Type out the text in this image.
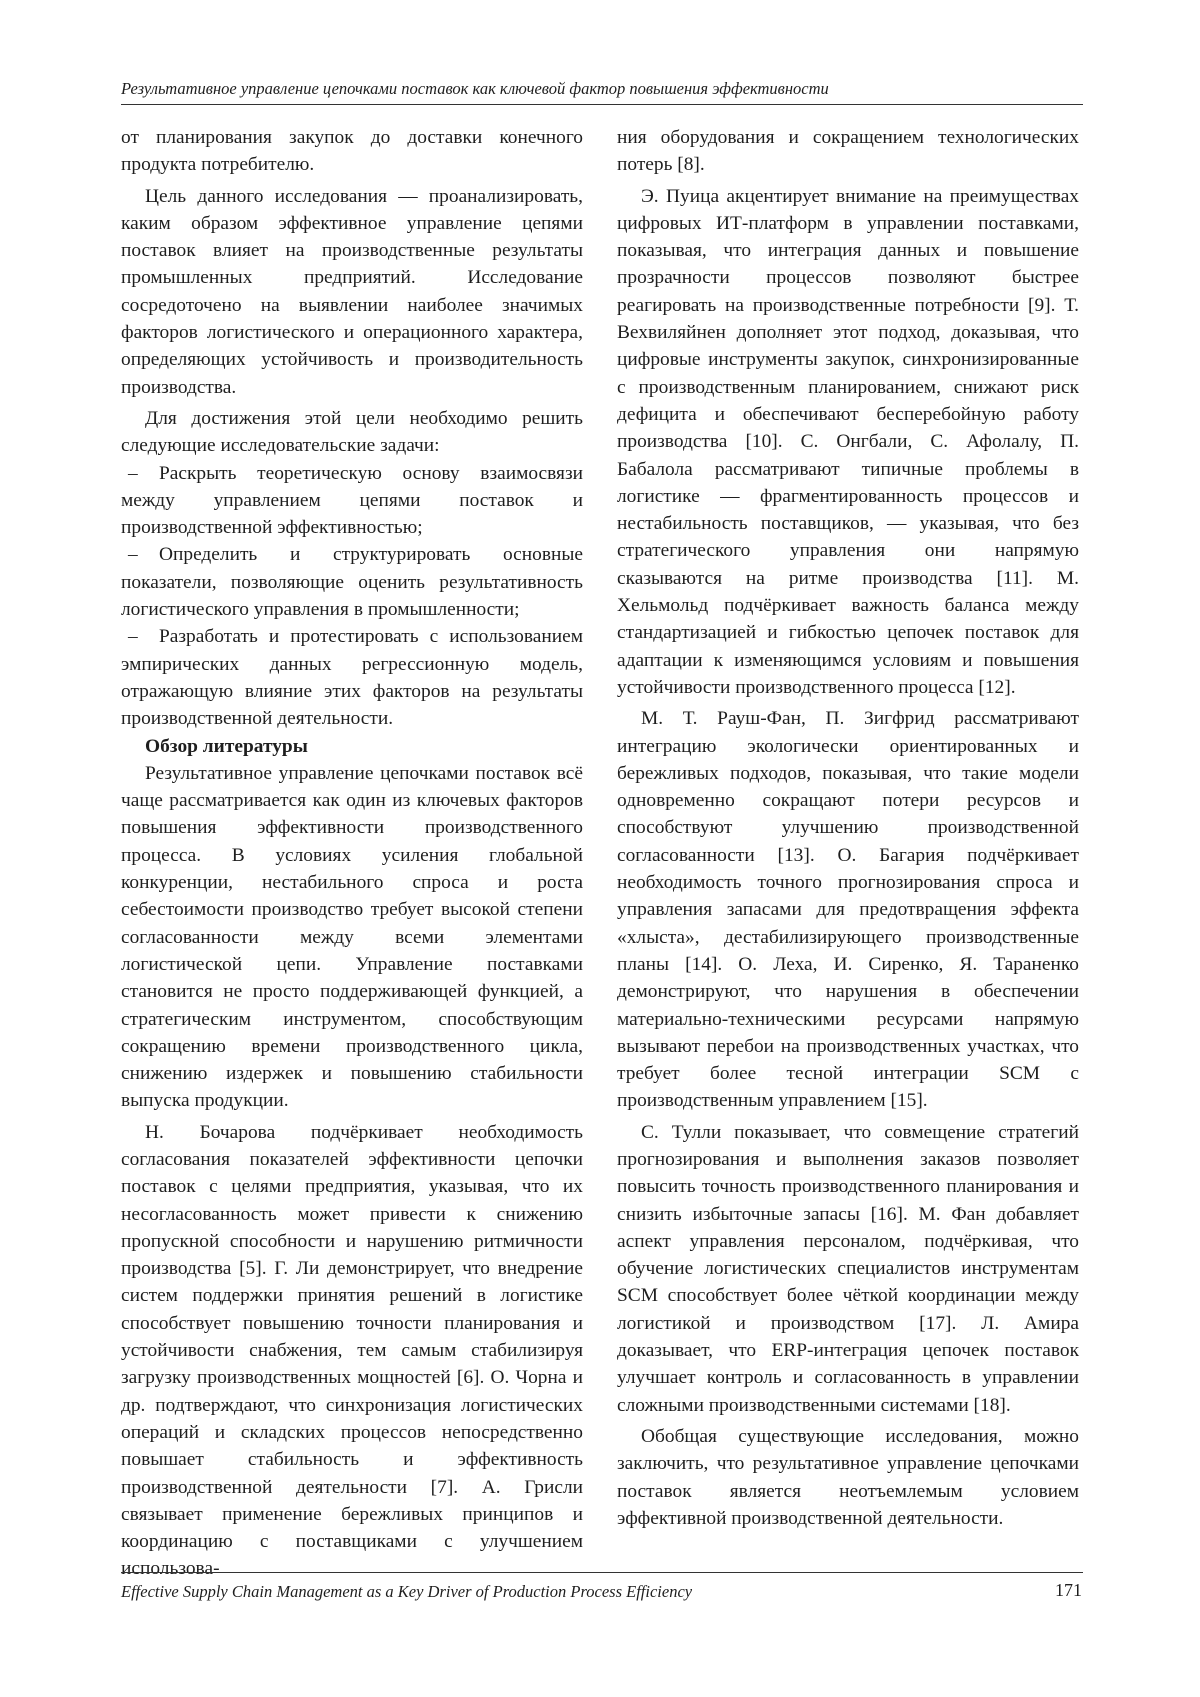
Результативное управление цепочками поставок как ключевой фактор повышения эффективности

от планирования закупок до доставки конечного продукта потребителю.

Цель данного исследования — проанализировать, каким образом эффективное управление цепями поставок влияет на производственные результаты промышленных предприятий. Исследование сосредоточено на выявлении наиболее значимых факторов логистического и операционного характера, определяющих устойчивость и производительность производства.

Для достижения этой цели необходимо решить следующие исследовательские задачи:

– Раскрыть теоретическую основу взаимосвязи между управлением цепями поставок и производственной эффективностью;

– Определить и структурировать основные показатели, позволяющие оценить результативность логистического управления в промышленности;

– Разработать и протестировать с использованием эмпирических данных регрессионную модель, отражающую влияние этих факторов на результаты производственной деятельности.

Обзор литературы

Результативное управление цепочками поставок всё чаще рассматривается как один из ключевых факторов повышения эффективности производственного процесса. В условиях усиления глобальной конкуренции, нестабильного спроса и роста себестоимости производство требует высокой степени согласованности между всеми элементами логистической цепи. Управление поставками становится не просто поддерживающей функцией, а стратегическим инструментом, способствующим сокращению времени производственного цикла, снижению издержек и повышению стабильности выпуска продукции.

Н. Бочарова подчёркивает необходимость согласования показателей эффективности цепочки поставок с целями предприятия, указывая, что их несогласованность может привести к снижению пропускной способности и нарушению ритмичности производства [5]. Г. Ли демонстрирует, что внедрение систем поддержки принятия решений в логистике способствует повышению точности планирования и устойчивости снабжения, тем самым стабилизируя загрузку производственных мощностей [6]. О. Чорна и др. подтверждают, что синхронизация логистических операций и складских процессов непосредственно повышает стабильность и эффективность производственной деятельности [7]. А. Грисли связывает применение бережливых принципов и координацию с поставщиками с улучшением использова-

ния оборудования и сокращением технологических потерь [8].

Э. Пуица акцентирует внимание на преимуществах цифровых ИТ-платформ в управлении поставками, показывая, что интеграция данных и повышение прозрачности процессов позволяют быстрее реагировать на производственные потребности [9]. Т. Вехвиляйнен дополняет этот подход, доказывая, что цифровые инструменты закупок, синхронизированные с производственным планированием, снижают риск дефицита и обеспечивают бесперебойную работу производства [10]. С. Онгбали, С. Афолалу, П. Бабалола рассматривают типичные проблемы в логистике — фрагментированность процессов и нестабильность поставщиков, — указывая, что без стратегического управления они напрямую сказываются на ритме производства [11]. М. Хельмольд подчёркивает важность баланса между стандартизацией и гибкостью цепочек поставок для адаптации к изменяющимся условиям и повышения устойчивости производственного процесса [12].

М. Т. Рауш-Фан, П. Зигфрид рассматривают интеграцию экологически ориентированных и бережливых подходов, показывая, что такие модели одновременно сокращают потери ресурсов и способствуют улучшению производственной согласованности [13]. О. Багария подчёркивает необходимость точного прогнозирования спроса и управления запасами для предотвращения эффекта «хлыста», дестабилизирующего производственные планы [14]. О. Леха, И. Сиренко, Я. Тараненко демонстрируют, что нарушения в обеспечении материально-техническими ресурсами напрямую вызывают перебои на производственных участках, что требует более тесной интеграции SCM с производственным управлением [15].

С. Тулли показывает, что совмещение стратегий прогнозирования и выполнения заказов позволяет повысить точность производственного планирования и снизить избыточные запасы [16]. М. Фан добавляет аспект управления персоналом, подчёркивая, что обучение логистических специалистов инструментам SCM способствует более чёткой координации между логистикой и производством [17]. Л. Амира доказывает, что ERP-интеграция цепочек поставок улучшает контроль и согласованность в управлении сложными производственными системами [18].

Обобщая существующие исследования, можно заключить, что результативное управление цепочками поставок является неотъемлемым условием эффективной производственной деятельности.

Effective Supply Chain Management as a Key Driver of Production Process Efficiency	171
